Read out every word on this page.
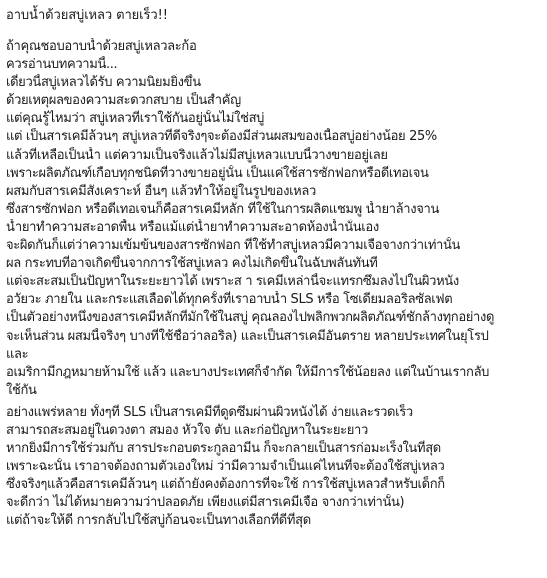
อาบน้ำด้วยสบู่เหลว ตายเร็ว!!
ถ้าคุณชอบอาบน้ำด้วยสบู่เหลวละก้อ
ควรอ่านบทความนี้...
เดี๋ยวนี้สบู่เหลวได้รับ ความนิยมยิ่งขึ้น
ด้วยเหตุผลของความสะดวกสบาย เป็นสำคัญ
แต่คุณรู้ไหมว่า สบู่เหลวที่เราใช้กันอยู่นั้นไม่ใช่สบู่
แต่ เป็นสารเคมีล้วนๆ สบู่เหลวที่ดีจริงๆจะต้องมีส่วนผสมของเนื้อสบู่อย่างน้อย 25%
แล้วที่เหลือเป็นน้ำ แต่ความเป็นจริงแล้วไม่มีสบู่เหลวแบบนี้วางขายอยู่เลย
เพราะผลิตภัณฑ์เกือบทุกชนิดที่วางขายอยู่นั้น เป็นแค่ใช้สารซักฟอกหรือดีเทอเจน
ผสมกับสารเคมีสังเคราะห์ อื่นๆ แล้วทำให้อยู่ในรูปของเหลว
ซึ่งสารซักฟอก หรือดีเทอเจนก็คือสารเคมีหลัก ที่ใช้ในการผลิตแชมพู น้ำยาล้างจาน
น้ำยาทำความสะอาดพื้น หรือแม้แต่น้ำยาทำความสะอาดห้องน้ำนั่นเอง
จะผิดกันก็แต่ว่าความเข้มข้นของสารซักฟอก ที่ใช้ทำสบู่เหลวมีความเจือจางกว่าเท่านั้น
ผล กระทบที่อาจเกิดขึ้นจากการใช้สบู่เหลว คงไม่เกิดขึ้นในฉับพลันทันที
แต่จะสะสมเป็นปัญหาในระยะยาวได้ เพราะส า รเคมีเหล่านี้จะแทรกซึมลงไปในผิวหนัง
อวัยวะ ภายใน และกระแสเลือดได้ทุกครั้งที่เราอาบน้ำ SLS หรือ โซเดียมลอริลซัลเฟต
เป็นตัวอย่างหนึ่งของสารเคมีหลักที่มักใช้ในสบู่ คุณลองไปพลิกพวกผลิตภัณฑ์ชักล้างทุกอย่างดู
จะเห็นส่วน ผสมนี้จริงๆ บางที่ใช้ชื่อว่าลอริล) และเป็นสารเคมีอันตราย หลายประเทศในยุโรป
และ
อเมริกามีกฎหมายห้ามใช้ แล้ว และบางประเทศก็จำกัด ให้มีการใช้น้อยลง แต่ในบ้านเรากลับ
ใช้กัน
อย่างแพร่หลาย ทั้งๆที่ SLS เป็นสารเคมีที่ดูดซึมผ่านผิวหนังได้ ง่ายและรวดเร็ว
สามารถสะสมอยู่ในดวงตา สมอง หัวใจ ตับ และก่อปัญหาในระยะยาว
หากยิ่งมีการใช้ร่วมกับ สารประกอบตระกูลอามีน ก็จะกลายเป็นสารก่อมะเร็งในที่สุด
เพราะฉะนั้น เราอาจต้องถามตัวเองใหม่ ว่ามีความจำเป็นแค่ไหนที่จะต้องใช้สบู่เหลว
ซึ่งจริงๆแล้วคือสารเคมีล้วนๆ แต่ถ้ายังคงต้องการที่จะใช้ การใช้สบู่เหลวสำหรับเด็กก็
จะดีกว่า ไม่ได้หมายความว่าปลอดภัย เพียงแต่มีสารเคมีเจือ จางกว่าเท่านั้น)
แต่ถ้าจะให้ดี การกลับไปใช้สบู่ก้อนจะเป็นทางเลือกที่ดีที่สุด
